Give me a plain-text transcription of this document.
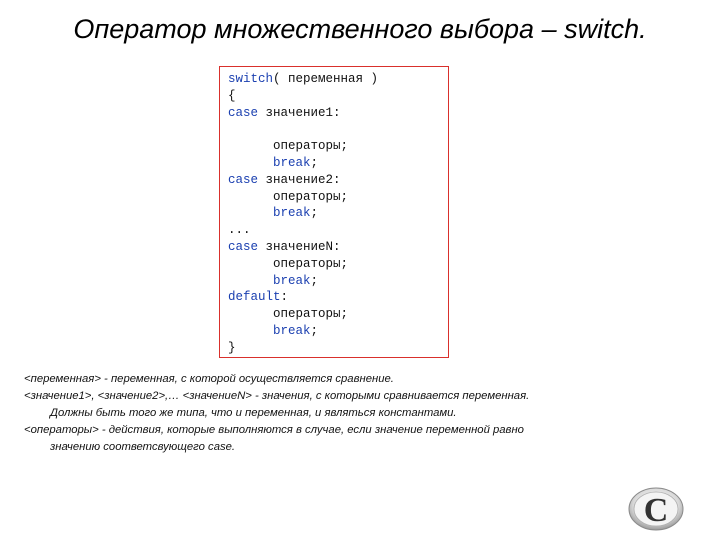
Оператор множественного выбора – switch.
switch( переменная )
{
case значение1:
операторы;
break;
case значение2:
операторы;
break;
...
case значениеN:
операторы;
break;
default:
операторы;
break;
}
<переменная> - переменная, с которой осуществляется сравнение.
<значение1>, <значение2>,… <значениеN> - значения, с которыми сравнивается переменная.
Должны быть того же типа, что и переменная, и являться константами.
<операторы> - действия, которые выполняются в случае, если значение переменной равно
значению соответсвующего case.
C
